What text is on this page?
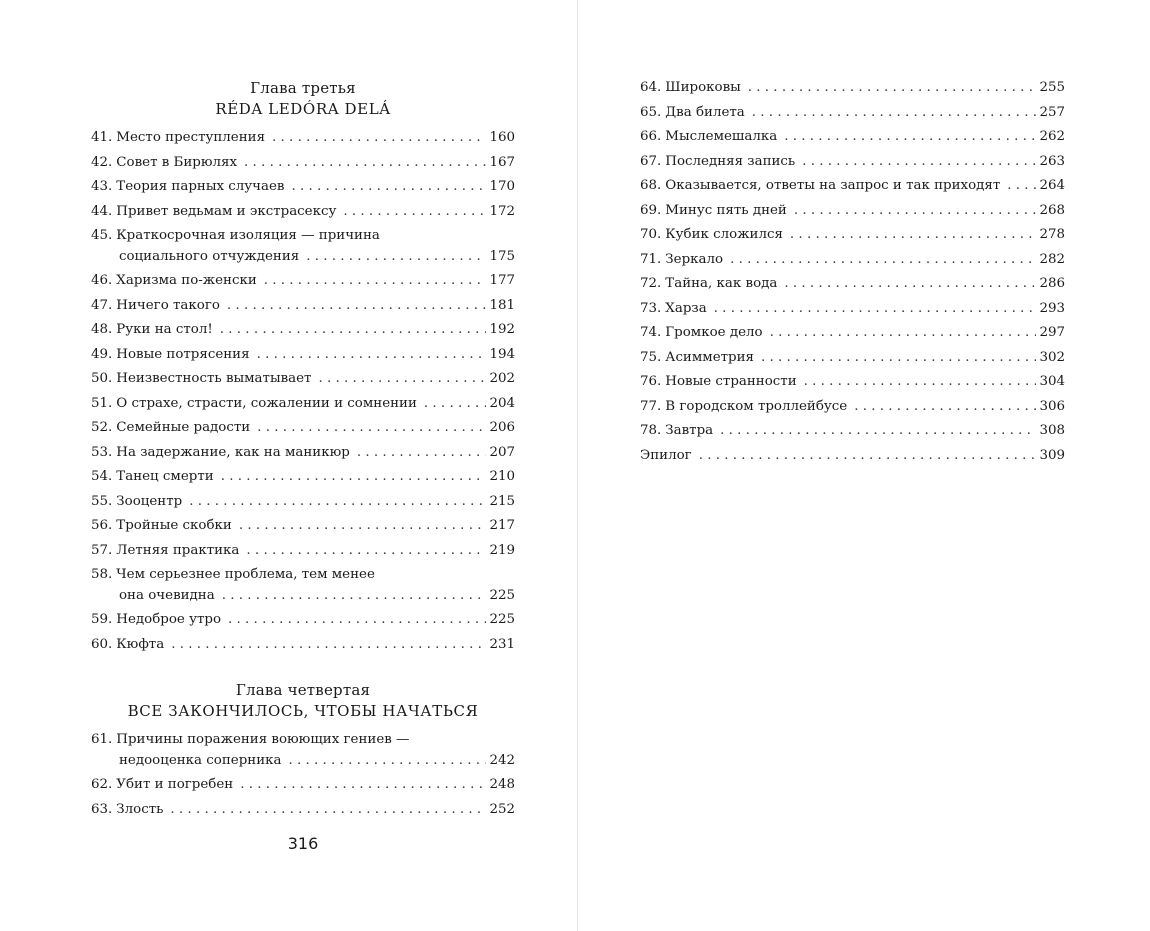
Глава третья
RÉDA LEDÓRA DELÁ
41. Место преступления . . .	160
42. Совет в Бирюлях . . .	167
43. Теория парных случаев . . .	170
44. Привет ведьмам и экстрасексу . . .	172
45. Краткосрочная изоляция — причина
социального отчуждения . . .	175
46. Харизма по-женски . . .	177
47. Ничего такого . . .	181
48. Руки на стол! . . .	192
49. Новые потрясения . . .	194
50. Неизвестность выматывает . . .	202
51. О страхе, страсти, сожалении и сомнении . . .	204
52. Семейные радости . . .	206
53. На задержание, как на маникюр . . .	207
54. Танец смерти . . .	210
55. Зооцентр . . .	215
56. Тройные скобки . . .	217
57. Летняя практика . . .	219
58. Чем серьезнее проблема, тем менее
она очевидна . . .	225
59. Недоброе утро . . .	225
60. Кюфта . . .	231
Глава четвертая
ВСЕ ЗАКОНЧИЛОСЬ, ЧТОБЫ НАЧАТЬСЯ
61. Причины поражения воюющих гениев —
недооценка соперника . . .	242
62. Убит и погребен . . .	248
63. Злость . . .	252
316
64. Широковы . . .	255
65. Два билета . . .	257
66. Мыслемешалка . . .	262
67. Последняя запись . . .	263
68. Оказывается, ответы на запрос и так приходят . . .	264
69. Минус пять дней . . .	268
70. Кубик сложился . . .	278
71. Зеркало . . .	282
72. Тайна, как вода . . .	286
73. Харза . . .	293
74. Громкое дело . . .	297
75. Асимметрия . . .	302
76. Новые странности . . .	304
77. В городском троллейбусе . . .	306
78. Завтра . . .	308
Эпилог . . .	309
